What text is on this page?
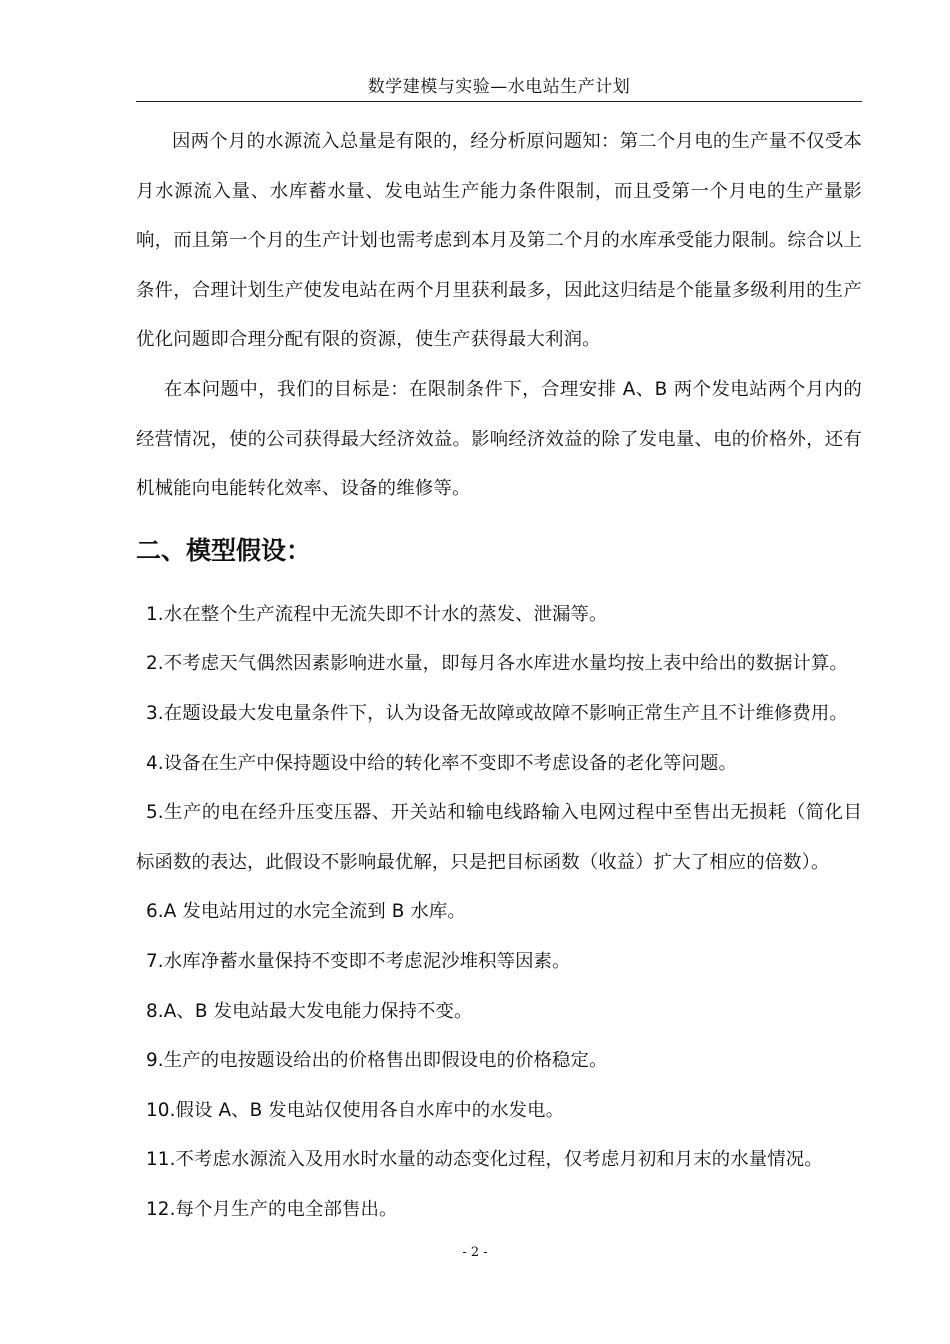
数学建模与实验—水电站生产计划

因两个月的水源流入总量是有限的，经分析原问题知：第二个月电的生产量不仅受本月水源流入量、水库蓄水量、发电站生产能力条件限制，而且受第一个月电的生产量影响，而且第一个月的生产计划也需考虑到本月及第二个月的水库承受能力限制。综合以上条件，合理计划生产使发电站在两个月里获利最多，因此这归结是个能量多级利用的生产优化问题即合理分配有限的资源，使生产获得最大利润。

在本问题中，我们的目标是：在限制条件下，合理安排 A、B 两个发电站两个月内的经营情况，使的公司获得最大经济效益。影响经济效益的除了发电量、电的价格外，还有机械能向电能转化效率、设备的维修等。

二、模型假设：

1.水在整个生产流程中无流失即不计水的蒸发、泄漏等。

2.不考虑天气偶然因素影响进水量，即每月各水库进水量均按上表中给出的数据计算。

3.在题设最大发电量条件下，认为设备无故障或故障不影响正常生产且不计维修费用。

4.设备在生产中保持题设中给的转化率不变即不考虑设备的老化等问题。

5.生产的电在经升压变压器、开关站和输电线路输入电网过程中至售出无损耗（简化目标函数的表达，此假设不影响最优解，只是把目标函数（收益）扩大了相应的倍数）。

6.A 发电站用过的水完全流到 B 水库。

7.水库净蓄水量保持不变即不考虑泥沙堆积等因素。

8.A、B 发电站最大发电能力保持不变。

9.生产的电按题设给出的价格售出即假设电的价格稳定。

10.假设 A、B 发电站仅使用各自水库中的水发电。

11.不考虑水源流入及用水时水量的动态变化过程，仅考虑月初和月末的水量情况。

12.每个月生产的电全部售出。

- 2 -
